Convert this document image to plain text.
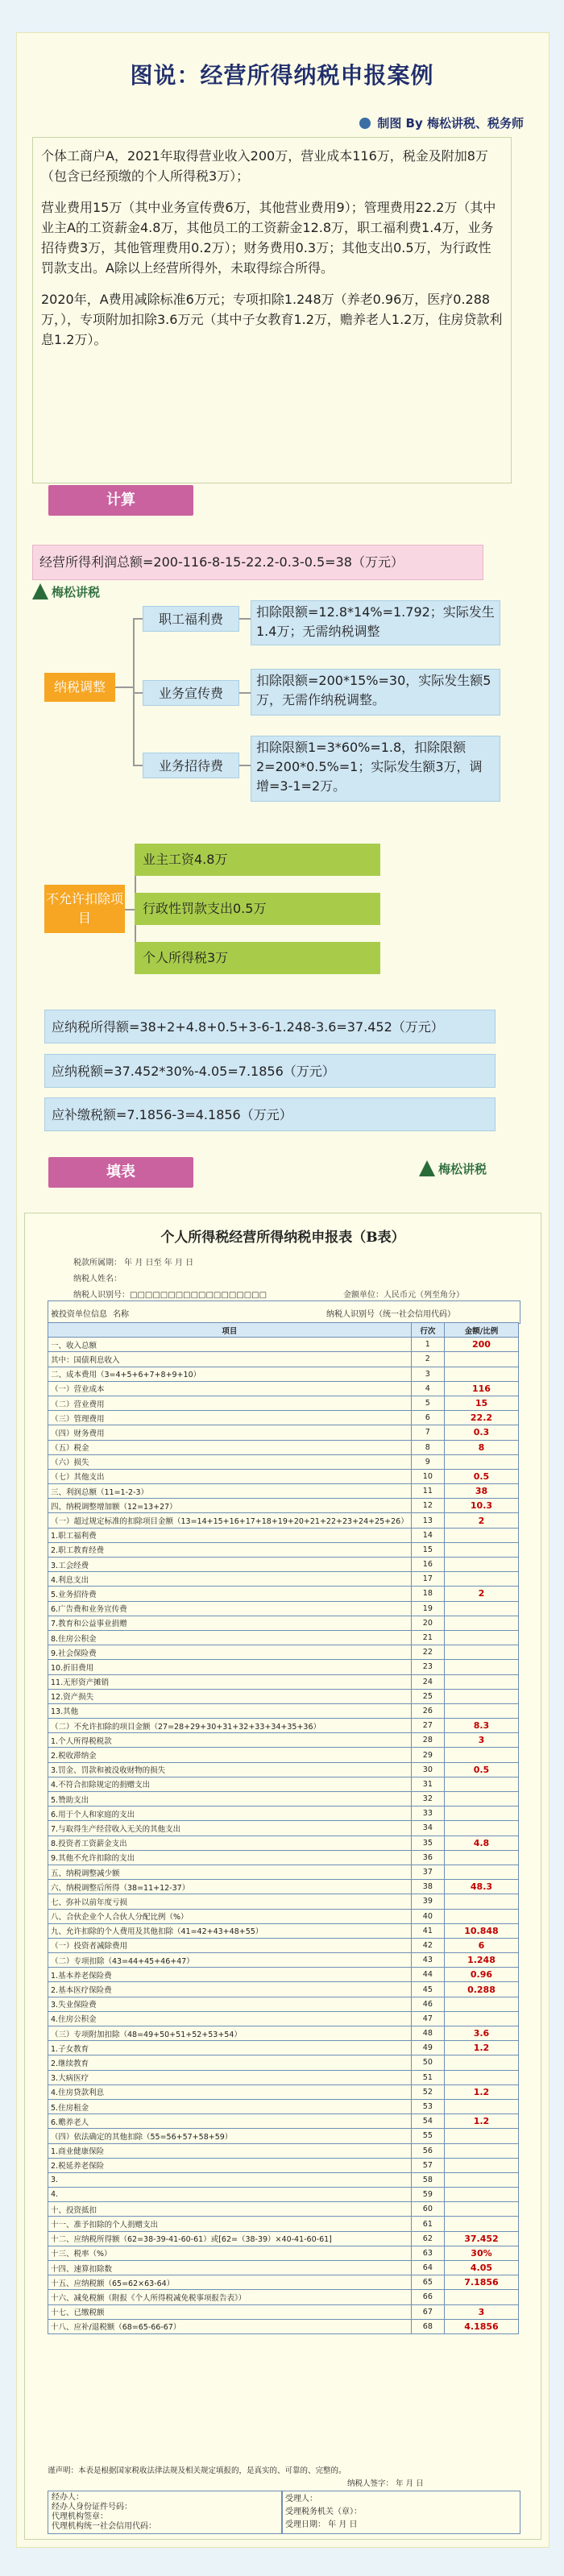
图说：经营所得纳税申报案例
制图 By 梅松讲税、税务师

个体工商户A，2021年取得营业收入200万，营业成本116万，税金及附加8万（包含已经预缴的个人所得税3万）；

营业费用15万（其中业务宣传费6万，其他营业费用9）；管理费用22.2万（其中业主A的工资薪金4.8万，其他员工的工资薪金12.8万，职工福利费1.4万，业务招待费3万，其他管理费用0.2万）；财务费用0.3万；其他支出0.5万，为行政性罚款支出。A除以上经营所得外，未取得综合所得。

2020年，A费用减除标准6万元；专项扣除1.248万（养老0.96万，医疗0.288万，），专项附加扣除3.6万元（其中子女教育1.2万，赡养老人1.2万，住房贷款利息1.2万）。

计算
经营所得利润总额=200-116-8-15-22.2-0.3-0.5=38（万元）
梅松讲税
纳税调整
职工福利费	扣除限额=12.8*14%=1.792；实际发生1.4万；无需纳税调整
业务宣传费
扣除限额=200*15%=30，实际发生额5万，无需作纳税调整。
业务招待费
扣除限额1=3*60%=1.8，扣除限额2=200*0.5%=1；实际发生额3万，调增=3-1=2万。
不允许扣除项目
业主工资4.8万
行政性罚款支出0.5万
个人所得税3万
应纳税所得额=38+2+4.8+0.5+3-6-1.248-3.6=37.452（万元）
应纳税额=37.452*30%-4.05=7.1856（万元）
应补缴税额=7.1856-3=4.1856（万元）
填表	梅松讲税
个人所得税经营所得纳税申报表（B表）
税款所属期： 年 月 日至 年 月 日
纳税人姓名：
纳税人识别号：□□□□□□□□□□□□□□□□□□	金额单位：人民币元（列至角分）
被投资单位信息 名称	纳税人识别号（统一社会信用代码）
项目	行次	金额/比例
一、收入总额	1	200
其中：国债利息收入	2	
二、成本费用（3=4+5+6+7+8+9+10）	3	
（一）营业成本	4	116
（二）营业费用	5	15
（三）管理费用	6	22.2
（四）财务费用	7	0.3
（五）税金	8	8
（六）损失	9	
（七）其他支出	10	0.5
三、利润总额（11=1-2-3）	11	38
四、纳税调整增加额（12=13+27）	12	10.3
（一）超过规定标准的扣除项目金额（13=14+15+16+17+18+19+20+21+22+23+24+25+26）	13	2
1.职工福利费	14	
2.职工教育经费	15	
3.工会经费	16	
4.利息支出	17	
5.业务招待费	18	2
6.广告费和业务宣传费	19	
7.教育和公益事业捐赠	20	
8.住房公积金	21	
9.社会保险费	22	
10.折旧费用	23	
11.无形资产摊销	24	
12.资产损失	25	
13.其他	26	
（二）不允许扣除的项目金额（27=28+29+30+31+32+33+34+35+36）	27	8.3
1.个人所得税税款	28	3
2.税收滞纳金	29	
3.罚金、罚款和被没收财物的损失	30	0.5
4.不符合扣除规定的捐赠支出	31	
5.赞助支出	32	
6.用于个人和家庭的支出	33	
7.与取得生产经营收入无关的其他支出	34	
8.投资者工资薪金支出	35	4.8
9.其他不允许扣除的支出	36	
五、纳税调整减少额	37	
六、纳税调整后所得（38=11+12-37）	38	48.3
七、弥补以前年度亏损	39	
八、合伙企业个人合伙人分配比例（%）	40	
九、允许扣除的个人费用及其他扣除（41=42+43+48+55）	41	10.848
（一）投资者减除费用	42	6
（二）专项扣除（43=44+45+46+47）	43	1.248
1.基本养老保险费	44	0.96
2.基本医疗保险费	45	0.288
3.失业保险费	46	
4.住房公积金	47	
（三）专项附加扣除（48=49+50+51+52+53+54）	48	3.6
1.子女教育	49	1.2
2.继续教育	50	
3.大病医疗	51	
4.住房贷款利息	52	1.2
5.住房租金	53	
6.赡养老人	54	1.2
（四）依法确定的其他扣除（55=56+57+58+59）	55	
1.商业健康保险	56	
2.税延养老保险	57	
3.	58	
4.	59	
十、投资抵扣	60	
十一、准予扣除的个人捐赠支出	61	
十二、应纳税所得额（62=38-39-41-60-61）或[62=（38-39）×40-41-60-61]	62	37.452
十三、税率（%）	63	30%
十四、速算扣除数	64	4.05
十五、应纳税额（65=62×63-64）	65	7.1856
十六、减免税额（附报《个人所得税减免税事项报告表》）	66	
十七、已缴税额	67	3
十八、应补/退税额（68=65-66-67）	68	4.1856
谨声明：本表是根据国家税收法律法规及相关规定填报的，是真实的、可靠的、完整的。
纳税人签字： 年 月 日
经办人：
经办人身份证件号码：
代理机构签章：
代理机构统一社会信用代码：
受理人：
受理税务机关（章）：
受理日期： 年 月 日
